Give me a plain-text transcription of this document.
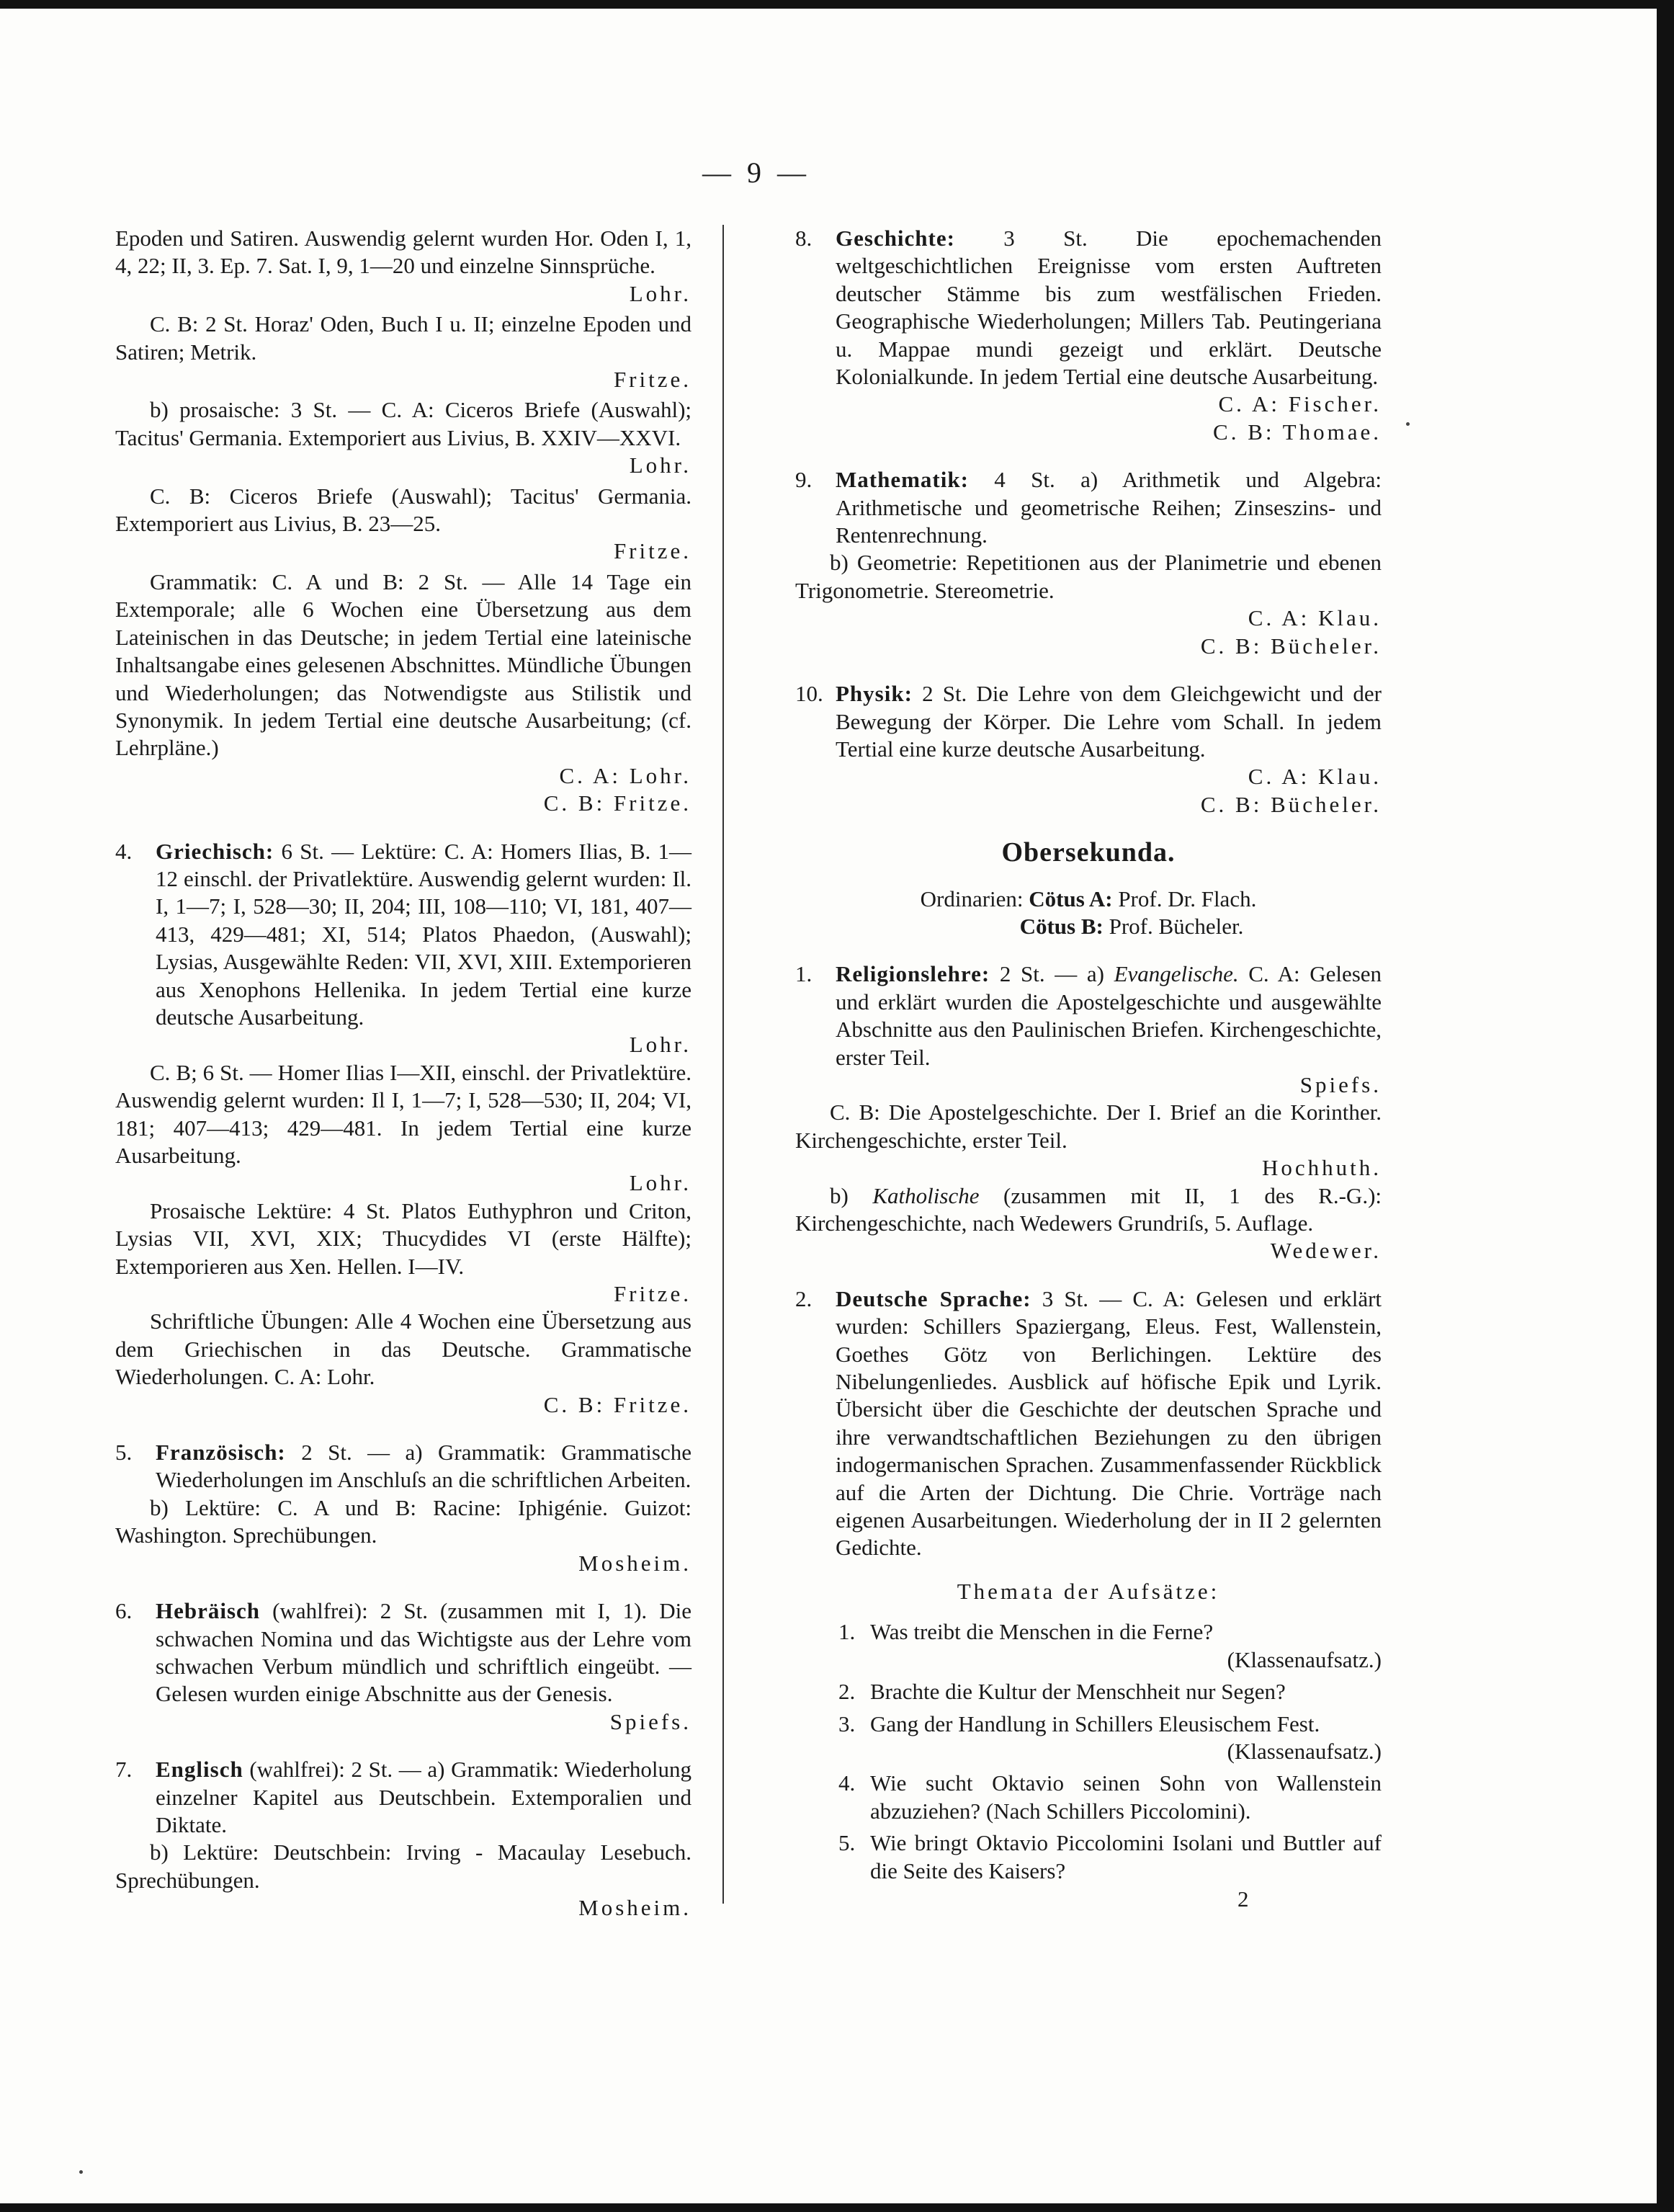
— 9 —

Epoden und Satiren. Auswendig gelernt wurden Hor. Oden I, 1, 4, 22; II, 3. Ep. 7. Sat. I, 9, 1—20 und einzelne Sinnsprüche.

Lohr.

C. B: 2 St. Horaz' Oden, Buch I u. II; einzelne Epoden und Satiren; Metrik.

Fritze.

b) prosaische: 3 St. — C. A: Ciceros Briefe (Auswahl); Tacitus' Germania. Extemporiert aus Livius, B. XXIV—XXVI.

Lohr.

C. B: Ciceros Briefe (Auswahl); Tacitus' Germania. Extemporiert aus Livius, B. 23—25.

Fritze.

Grammatik: C. A und B: 2 St. — Alle 14 Tage ein Extemporale; alle 6 Wochen eine Übersetzung aus dem Lateinischen in das Deutsche; in jedem Tertial eine lateinische Inhaltsangabe eines gelesenen Abschnittes. Mündliche Übungen und Wiederholungen; das Notwendigste aus Stilistik und Synonymik. In jedem Tertial eine deutsche Ausarbeitung; (cf. Lehrpläne.)

C. A: Lohr.

C. B: Fritze.

4. Griechisch: 6 St. — Lektüre: C. A: Homers Ilias, B. 1—12 einschl. der Privatlektüre. Auswendig gelernt wurden: Il. I, 1—7; I, 528—30; II, 204; III, 108—110; VI, 181, 407—413, 429—481; XI, 514; Platos Phaedon, (Auswahl); Lysias, Ausgewählte Reden: VII, XVI, XIII. Extemporieren aus Xenophons Hellenika. In jedem Tertial eine kurze deutsche Ausarbeitung.

Lohr.

C. B; 6 St. — Homer Ilias I—XII, einschl. der Privatlektüre. Auswendig gelernt wurden: Il I, 1—7; I, 528—530; II, 204; VI, 181; 407—413; 429—481. In jedem Tertial eine kurze Ausarbeitung.

Lohr.

Prosaische Lektüre: 4 St. Platos Euthyphron und Criton, Lysias VII, XVI, XIX; Thucydides VI (erste Hälfte); Extemporieren aus Xen. Hellen. I—IV.

Fritze.

Schriftliche Übungen: Alle 4 Wochen eine Übersetzung aus dem Griechischen in das Deutsche. Grammatische Wiederholungen. C. A: Lohr.

C. B: Fritze.

5. Französisch: 2 St. — a) Grammatik: Grammatische Wiederholungen im Anschluſs an die schriftlichen Arbeiten.

b) Lektüre: C. A und B: Racine: Iphigénie. Guizot: Washington. Sprechübungen.

Mosheim.

6. Hebräisch (wahlfrei): 2 St. (zusammen mit I, 1). Die schwachen Nomina und das Wichtigste aus der Lehre vom schwachen Verbum mündlich und schriftlich eingeübt. — Gelesen wurden einige Abschnitte aus der Genesis.

Spiefs.

7. Englisch (wahlfrei): 2 St. — a) Grammatik: Wiederholung einzelner Kapitel aus Deutschbein. Extemporalien und Diktate.

b) Lektüre: Deutschbein: Irving - Macaulay Lesebuch. Sprechübungen.

Mosheim.

8. Geschichte: 3 St. Die epochemachenden weltgeschichtlichen Ereignisse vom ersten Auftreten deutscher Stämme bis zum westfälischen Frieden. Geographische Wiederholungen; Millers Tab. Peutingeriana u. Mappae mundi gezeigt und erklärt. Deutsche Kolonialkunde. In jedem Tertial eine deutsche Ausarbeitung.

C. A: Fischer.

C. B: Thomae.

9. Mathematik: 4 St. a) Arithmetik und Algebra: Arithmetische und geometrische Reihen; Zinseszins- und Rentenrechnung.

b) Geometrie: Repetitionen aus der Planimetrie und ebenen Trigonometrie. Stereometrie.

C. A: Klau.

C. B: Bücheler.

10. Physik: 2 St. Die Lehre von dem Gleichgewicht und der Bewegung der Körper. Die Lehre vom Schall. In jedem Tertial eine kurze deutsche Ausarbeitung.

C. A: Klau.

C. B: Bücheler.

Obersekunda.

Ordinarien: Cötus A: Prof. Dr. Flach.

Cötus B: Prof. Bücheler.

1. Religionslehre: 2 St. — a) Evangelische. C. A: Gelesen und erklärt wurden die Apostelgeschichte und ausgewählte Abschnitte aus den Paulinischen Briefen. Kirchengeschichte, erster Teil.

Spiefs.

C. B: Die Apostelgeschichte. Der I. Brief an die Korinther. Kirchengeschichte, erster Teil.

Hochhuth.

b) Katholische (zusammen mit II, 1 des R.-G.): Kirchengeschichte, nach Wedewers Grundriſs, 5. Auflage.

Wedewer.

2. Deutsche Sprache: 3 St. — C. A: Gelesen und erklärt wurden: Schillers Spaziergang, Eleus. Fest, Wallenstein, Goethes Götz von Berlichingen. Lektüre des Nibelungenliedes. Ausblick auf höfische Epik und Lyrik. Übersicht über die Geschichte der deutschen Sprache und ihre verwandtschaftlichen Beziehungen zu den übrigen indogermanischen Sprachen. Zusammenfassender Rückblick auf die Arten der Dichtung. Die Chrie. Vorträge nach eigenen Ausarbeitungen. Wiederholung der in II 2 gelernten Gedichte.

Themata der Aufsätze:

1. Was treibt die Menschen in die Ferne?
(Klassenaufsatz.)
2. Brachte die Kultur der Menschheit nur Segen?
3. Gang der Handlung in Schillers Eleusischem Fest.
(Klassenaufsatz.)
4. Wie sucht Oktavio seinen Sohn von Wallenstein abzuziehen? (Nach Schillers Piccolomini).
5. Wie bringt Oktavio Piccolomini Isolani und Buttler auf die Seite des Kaisers?
2
